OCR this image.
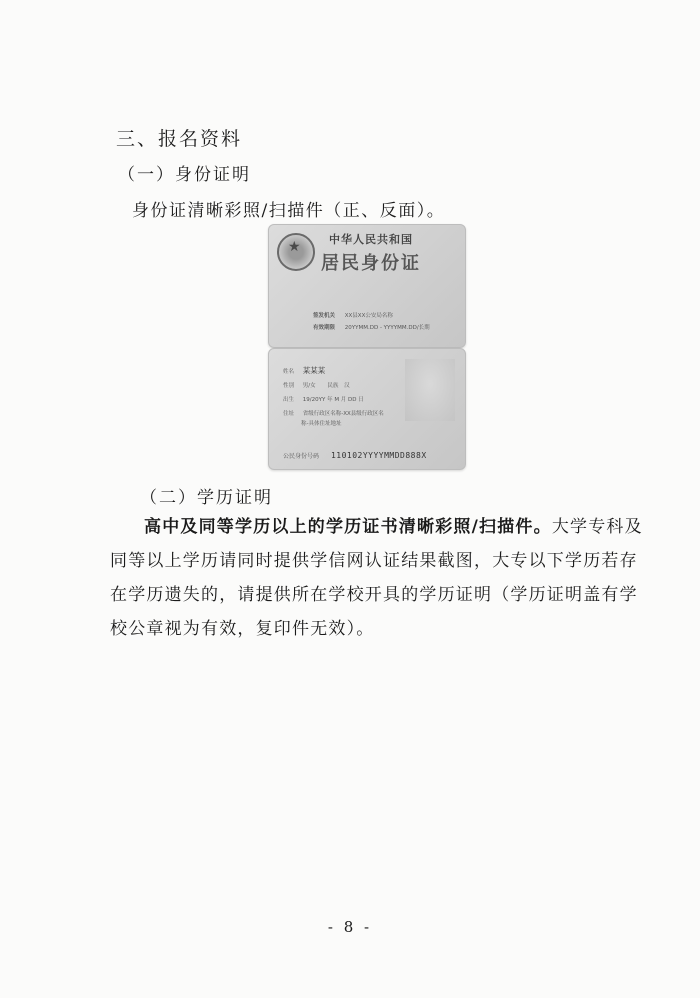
三、报名资料
（一）身份证明
身份证清晰彩照/扫描件（正、反面）。
★	中华人民共和国
居民身份证
签发机关 XX县XX公安局名称
有效期限 20YYMM.DD - YYYYMM.DD/长期
姓名 某某某
性别 男/女 民族 汉
出生 19/20YY 年 M 月 DD 日
住址 省级行政区名称-XX县级行政区名
称-具体住址地址
公民身份号码 110102YYYYMMDD888X
（二）学历证明
高中及同等学历以上的学历证书清晰彩照/扫描件。大学专科及同等以上学历请同时提供学信网认证结果截图，大专以下学历若存在学历遗失的，请提供所在学校开具的学历证明（学历证明盖有学校公章视为有效，复印件无效）。
- 8 -
